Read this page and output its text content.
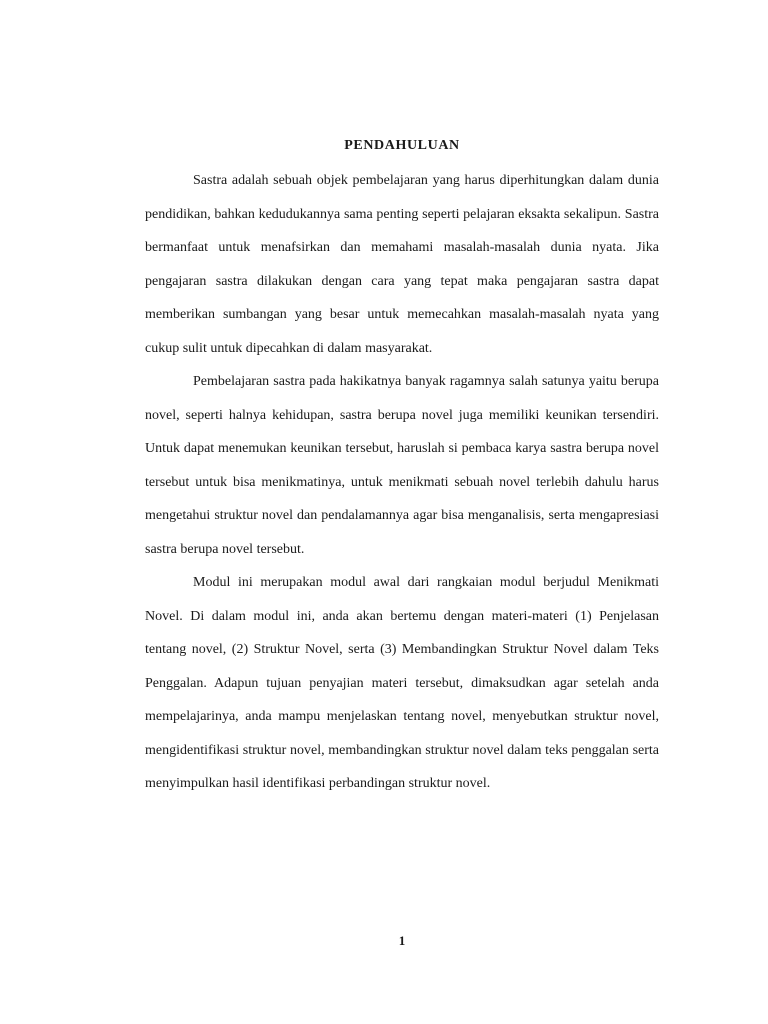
PENDAHULUAN

Sastra adalah sebuah objek pembelajaran yang harus diperhitungkan dalam dunia pendidikan, bahkan kedudukannya sama penting seperti pelajaran eksakta sekalipun. Sastra bermanfaat untuk menafsirkan dan memahami masalah-masalah dunia nyata. Jika pengajaran sastra dilakukan dengan cara yang tepat maka pengajaran sastra dapat memberikan sumbangan yang besar untuk memecahkan masalah-masalah nyata yang cukup sulit untuk dipecahkan di dalam masyarakat.

Pembelajaran sastra pada hakikatnya banyak ragamnya salah satunya yaitu berupa novel, seperti halnya kehidupan, sastra berupa novel juga memiliki keunikan tersendiri. Untuk dapat menemukan keunikan tersebut, haruslah si pembaca karya sastra berupa novel tersebut untuk bisa menikmatinya, untuk menikmati sebuah novel terlebih dahulu harus mengetahui struktur novel dan pendalamannya agar bisa menganalisis, serta mengapresiasi sastra berupa novel tersebut.

Modul ini merupakan modul awal dari rangkaian modul berjudul Menikmati Novel. Di dalam modul ini, anda akan bertemu dengan materi-materi (1) Penjelasan tentang novel, (2) Struktur Novel, serta (3) Membandingkan Struktur Novel dalam Teks Penggalan. Adapun tujuan penyajian materi tersebut, dimaksudkan agar setelah anda mempelajarinya, anda mampu menjelaskan tentang novel, menyebutkan struktur novel, mengidentifikasi struktur novel, membandingkan struktur novel dalam teks penggalan serta menyimpulkan hasil identifikasi perbandingan struktur novel.

1
